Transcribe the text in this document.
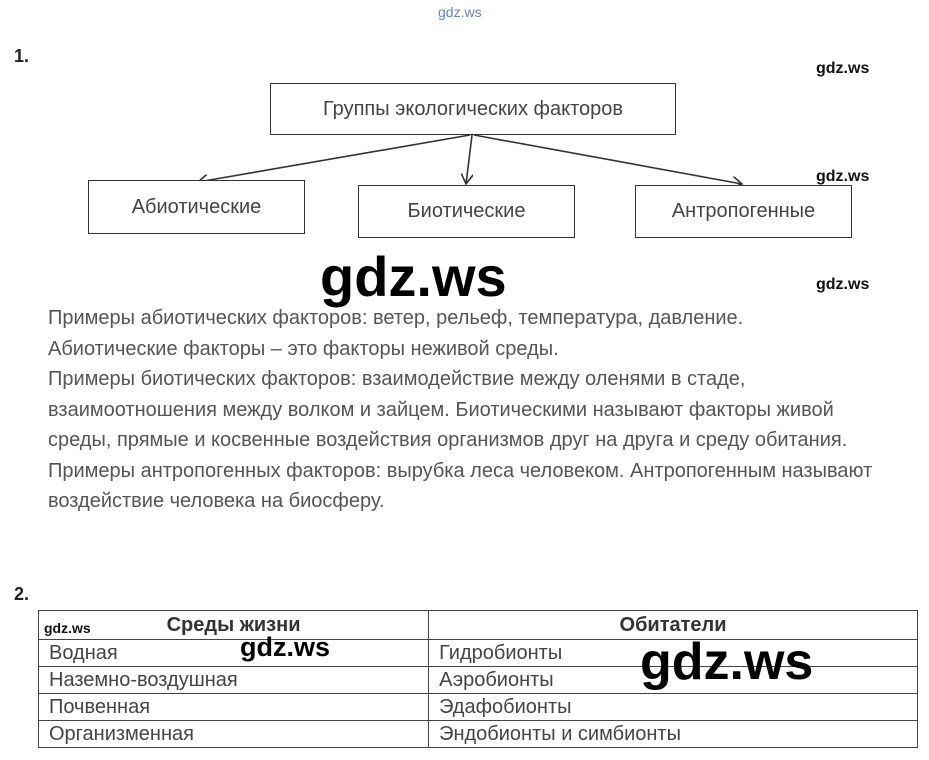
gdz.ws
1.
gdz.ws
gdz.ws
gdz.ws
Группы экологических факторов
Абиотические	Биотические	Антропогенные
gdz.ws

Примеры абиотических факторов: ветер, рельеф, температура, давление.

Абиотические факторы – это факторы неживой среды.

Примеры биотических факторов: взаимодействие между оленями в стаде, взаимоотношения между волком и зайцем. Биотическими называют факторы живой среды, прямые и косвенные воздействия организмов друг на друга и среду обитания.

Примеры антропогенных факторов: вырубка леса человеком. Антропогенным называют воздействие человека на биосферу.

2.
Среды жизни	Обитатели
Водная	Гидробионты
Наземно-воздушная	Аэробионты
Почвенная	Эдафобионты
Организменная	Эндобионты и симбионты
gdz.ws
gdz.ws	gdz.ws
